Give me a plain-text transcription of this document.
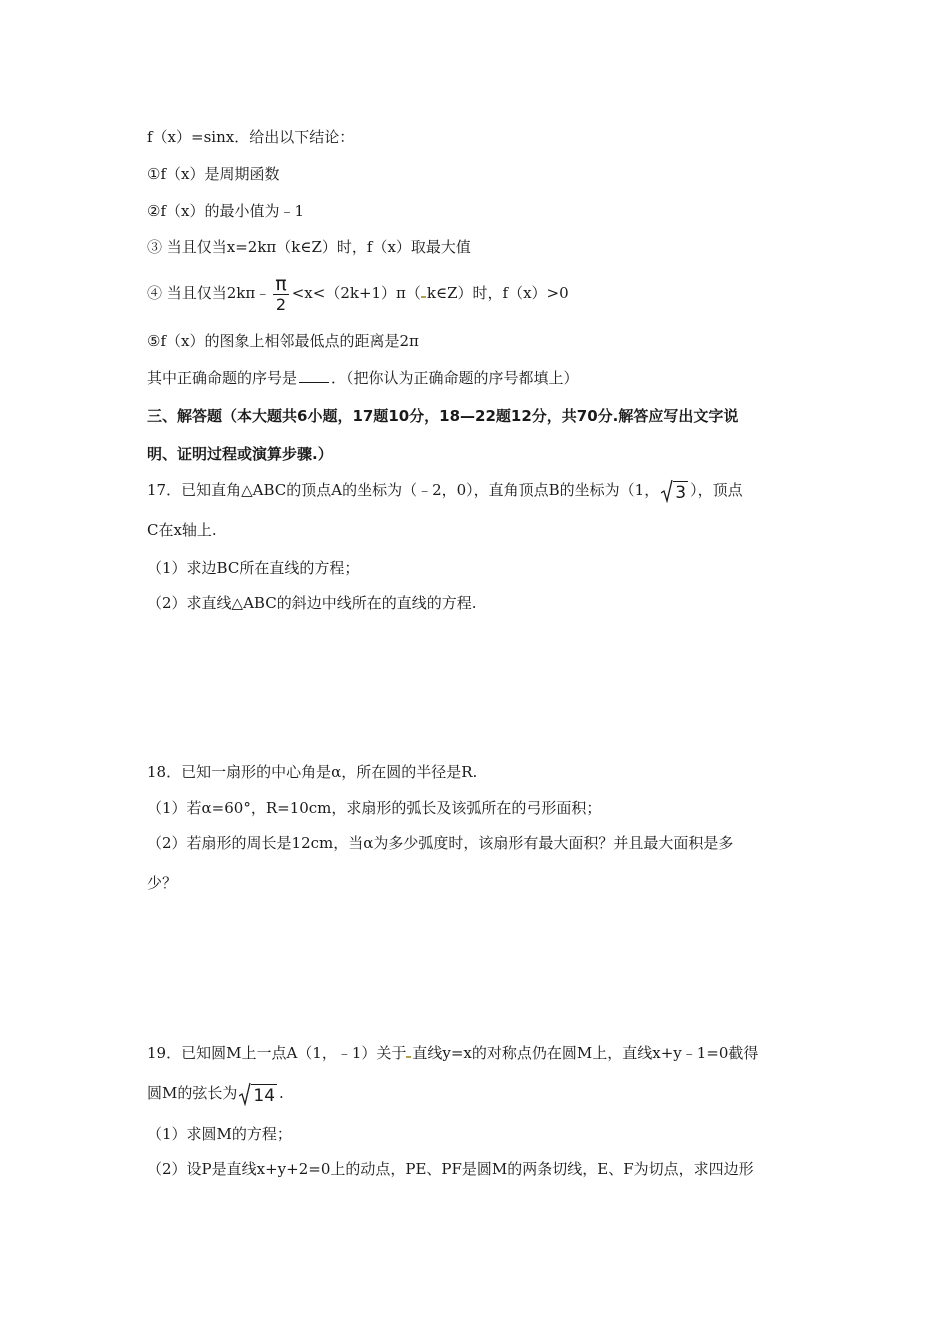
f（x）=sinx．给出以下结论：
①f（x）是周期函数
②f（x）的最小值为﹣1
③ 当且仅当x=2kπ（k∈Z）时，f（x）取最大值
④ 当且仅当2kπ﹣ $\frac{\pi}{2} <x<(2k+1)\pi$（ k∈Z）时，f（x）>0
⑤f（x）的图象上相邻最低点的距离是2π
其中正确命题的序号是 ．（把你认为正确命题的序号都填上）
三、解答题（本大题共6小题，17题10分，18—22题12分，共70分.解答应写出文字说
明、证明过程或演算步骤.）
17．已知直角△ABC的顶点A的坐标为（﹣2，0），直角顶点B的坐标为（1， 3 ），顶点
C在x轴上.
（1）求边BC所在直线的方程；
（2）求直线△ABC的斜边中线所在的直线的方程.
18．已知一扇形的中心角是α，所在圆的半径是R.
（1）若α=60°，R=10cm，求扇形的弧长及该弧所在的弓形面积；
（2）若扇形的周长是12cm，当α为多少弧度时，该扇形有最大面积？并且最大面积是多
少？
19．已知圆M上一点A（1，﹣1）关于 直线y=x的对称点仍在圆M上，直线x+y﹣1=0截得
圆M的弦长为 14 .
（1）求圆M的方程；
（2）设P是直线x+y+2=0上的动点，PE、PF是圆M的两条切线，E、F为切点，求四边形
